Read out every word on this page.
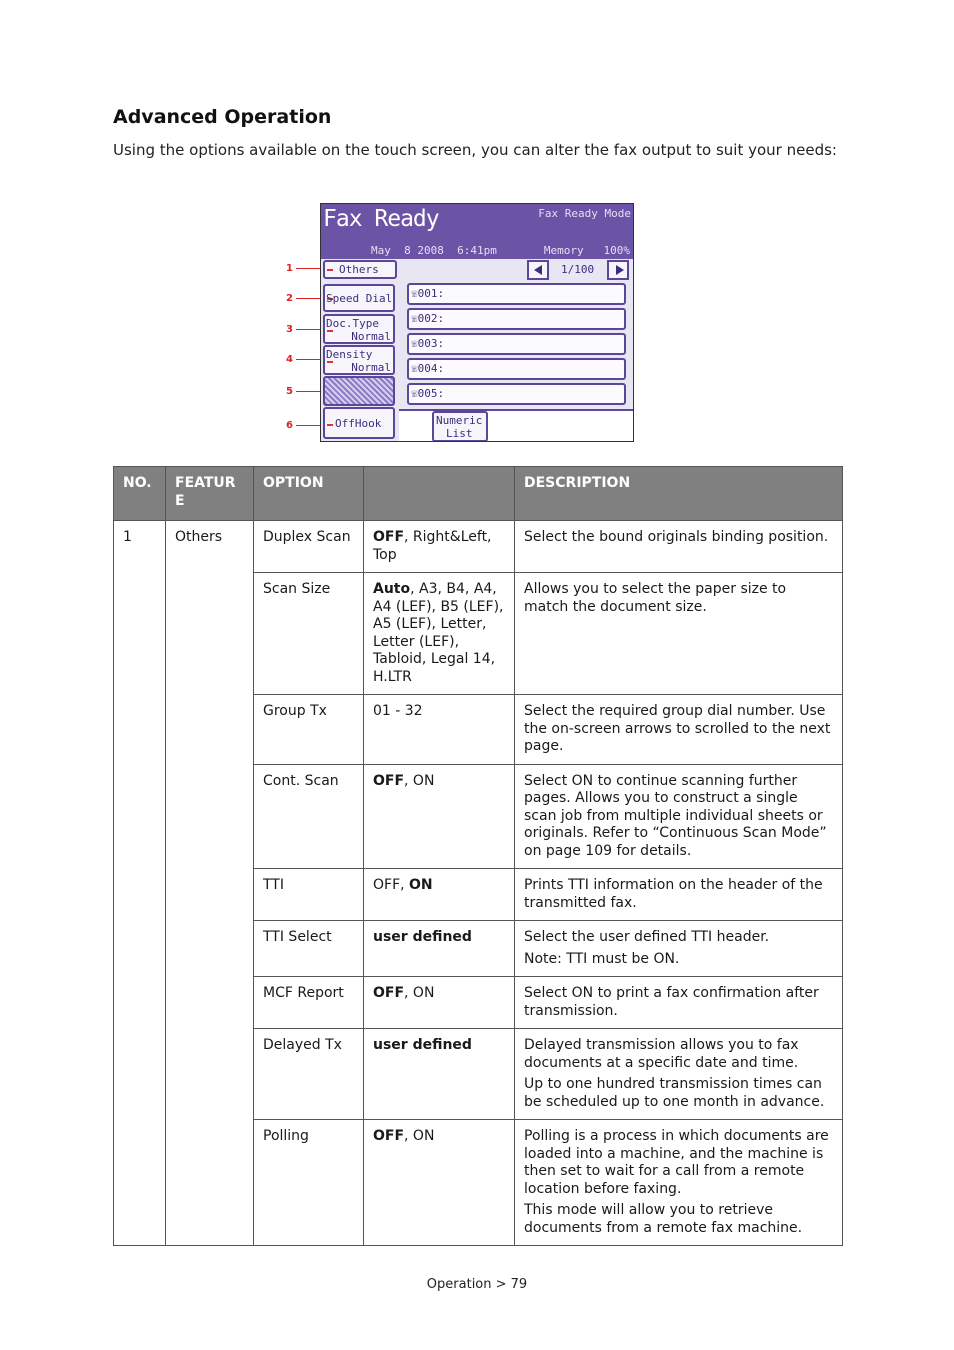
Advanced Operation

Using the options available on the touch screen, you can alter the fax output to suit your needs:

1
2
3
4
5
6
Fax Ready	Fax Ready Mode
May  8 2008  6:41pm	Memory   100%
Others
Speed Dial
Doc.Type
Normal
Density
Normal
OffHook
1/100
☏001:
☏002:
☏003:
☏004:
☏005:
Numeric
List
NO.	FEATURE	OPTION		DESCRIPTION
1	Others	Duplex Scan	OFF, Right&Left, Top	Select the bound originals binding position.

		Scan Size	Auto, A3, B4, A4, A4 (LEF), B5 (LEF), A5 (LEF), Letter, Letter (LEF), Tabloid, Legal 14, H.LTR	Allows you to select the paper size to match the document size.

		Group Tx	01 - 32	Select the required group dial number. Use the on-screen arrows to scrolled to the next page.

		Cont. Scan	OFF, ON	Select ON to continue scanning further pages. Allows you to construct a single scan job from multiple individual sheets or originals. Refer to “Continuous Scan Mode” on page 109 for details.

		TTI	OFF, ON	Prints TTI information on the header of the transmitted fax.

		TTI Select	user defined	Select the user defined TTI header.

Note: TTI must be ON.

		MCF Report	OFF, ON	Select ON to print a fax confirmation after transmission.

		Delayed Tx	user defined	Delayed transmission allows you to fax documents at a specific date and time.

Up to one hundred transmission times can be scheduled up to one month in advance.

		Polling	OFF, ON	Polling is a process in which documents are loaded into a machine, and the machine is then set to wait for a call from a remote location before faxing.

This mode will allow you to retrieve documents from a remote fax machine.

Operation > 79
